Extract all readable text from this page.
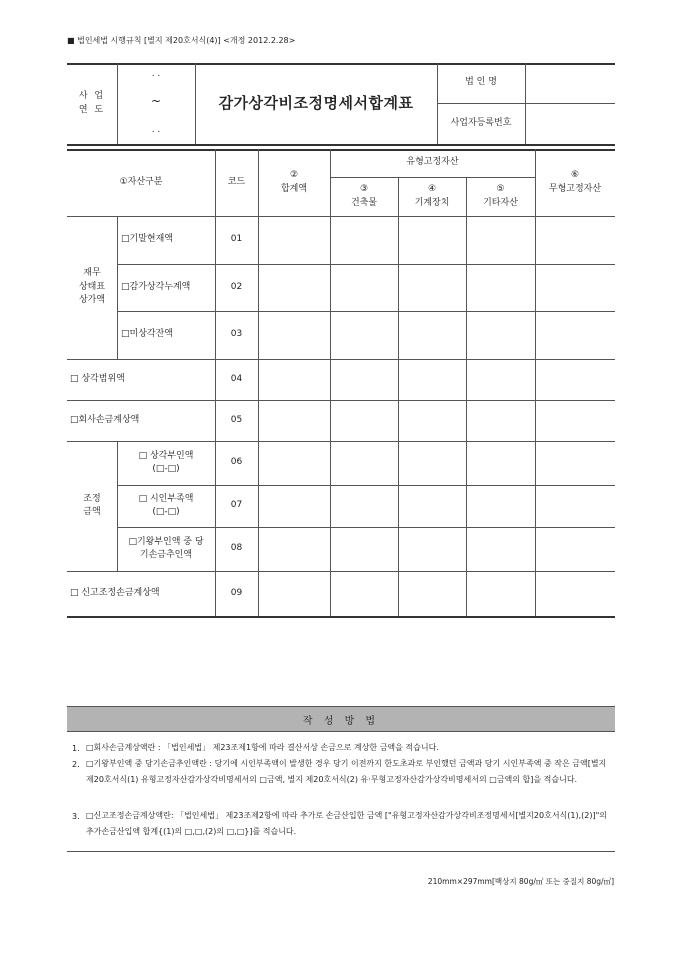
■ 법인세법 시행규칙 [별지 제20호서식(4)] <개정 2012.2.28>
사 업
연 도
. .
~
. .
감가상각비조정명세서합계표
법 인 명
사업자등록번호
①자산구분	코드
②
합계액
유형고정자산
③
건축물
④
기계장치
⑤
기타자산
⑥
무형고정자산
재무
상태표
상가액
조정
금액
□기말현재액
□감가상각누계액
□미상각잔액
□ 상각범위액
□회사손금계상액
□ 상각부인액
(□-□)
□ 시인부족액
(□-□)
□기왕부인액 중 당
기손금추인액
□ 신고조정손금계상액
01
02
03
04
05
06
07
08
09
작 성 방 법
1. □회사손금계상액란 : 「법인세법」 제23조제1항에 따라 결산서상 손금으로 계상한 금액을 적습니다.
2. □기왕부인액 중 당기손금추인액란 : 당기에 시인부족액이 발생한 경우 당기 이전까지 한도초과로 부인했던 금액과 당기 시인부족액 중 작은 금액[별지 제20호서식(1) 유형고정자산감가상각비명세서의 □금액, 별지 제20호서식(2) 유·무형고정자산감가상각비명세서의 □금액의 합]을 적습니다.
3. □신고조정손금계상액란: 「법인세법」 제23조제2항에 따라 추가로 손금산입한 금액 ["유형고정자산감가상각비조정명세서[별지20호서식(1),(2)]"의 추가손금산입액 합계{(1)의 □,□,(2)의 □,□}]를 적습니다.
210mm×297mm[백상지 80g/㎡ 또는 중질지 80g/㎡]
